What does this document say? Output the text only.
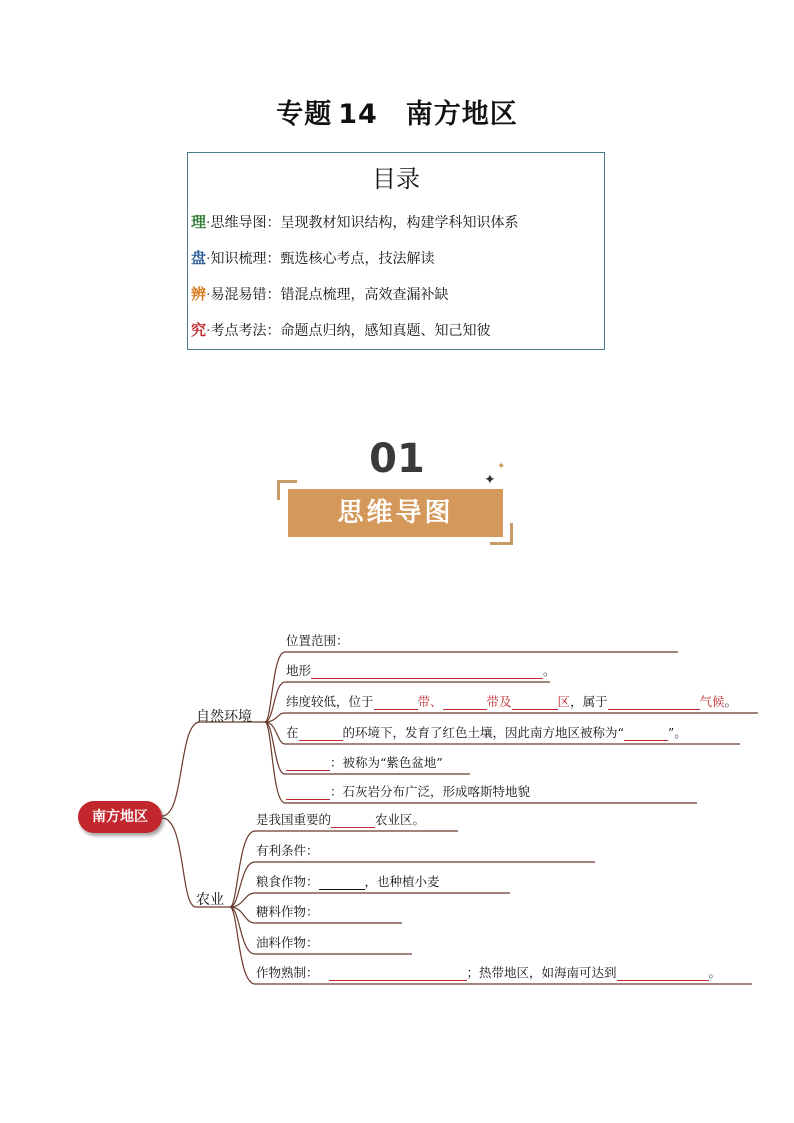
专题 14 南方地区
目录
理·思维导图：呈现教材知识结构，构建学科知识体系
盘·知识梳理：甄选核心考点，技法解读
辨·易混易错：错混点梳理，高效查漏补缺
究·考点考法：命题点归纳，感知真题、知己知彼
01
思维导图
✦
✦
南方地区
自然环境
农业
位置范围：
地形	。
纬度较低，位于	带、	带及	区，属于	气候。
在	的环境下，发育了红色土壤，因此南方地区被称为“	”。
：被称为“紫色盆地”
：石灰岩分布广泛，形成喀斯特地貌
是我国重要的	农业区。
有利条件：
粮食作物：	，也种植小麦
糖料作物：
油料作物：
作物熟制：	；热带地区，如海南可达到	。
